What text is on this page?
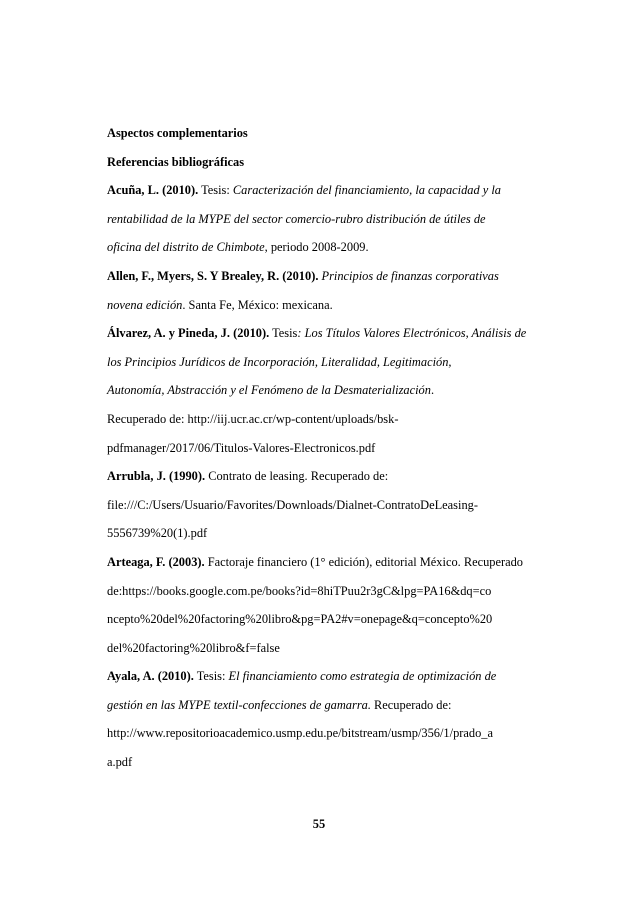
Aspectos complementarios

Referencias bibliográficas

Acuña, L. (2010). Tesis: Caracterización del financiamiento, la capacidad y la
rentabilidad de la MYPE del sector comercio-rubro distribución de útiles de
oficina del distrito de Chimbote, periodo 2008-2009.

Allen, F., Myers, S. Y Brealey, R. (2010). Principios de finanzas corporativas
novena edición. Santa Fe, México: mexicana.

Álvarez, A. y Pineda, J. (2010). Tesis: Los Títulos Valores Electrónicos, Análisis de
los Principios Jurídicos de Incorporación, Literalidad, Legitimación,
Autonomía, Abstracción y el Fenómeno de la Desmaterialización.
Recuperado de: http://iij.ucr.ac.cr/wp-content/uploads/bsk-
pdfmanager/2017/06/Titulos-Valores-Electronicos.pdf

Arrubla, J. (1990). Contrato de leasing. Recuperado de:
file:///C:/Users/Usuario/Favorites/Downloads/Dialnet-ContratoDeLeasing-
5556739%20(1).pdf

Arteaga, F. (2003). Factoraje financiero (1° edición), editorial México. Recuperado
de:https://books.google.com.pe/books?id=8hiTPuu2r3gC&lpg=PA16&dq=co
ncepto%20del%20factoring%20libro&pg=PA2#v=onepage&q=concepto%20
del%20factoring%20libro&f=false

Ayala, A. (2010). Tesis: El financiamiento como estrategia de optimización de
gestión en las MYPE textil-confecciones de gamarra. Recuperado de:
http://www.repositorioacademico.usmp.edu.pe/bitstream/usmp/356/1/prado_a
a.pdf

55
